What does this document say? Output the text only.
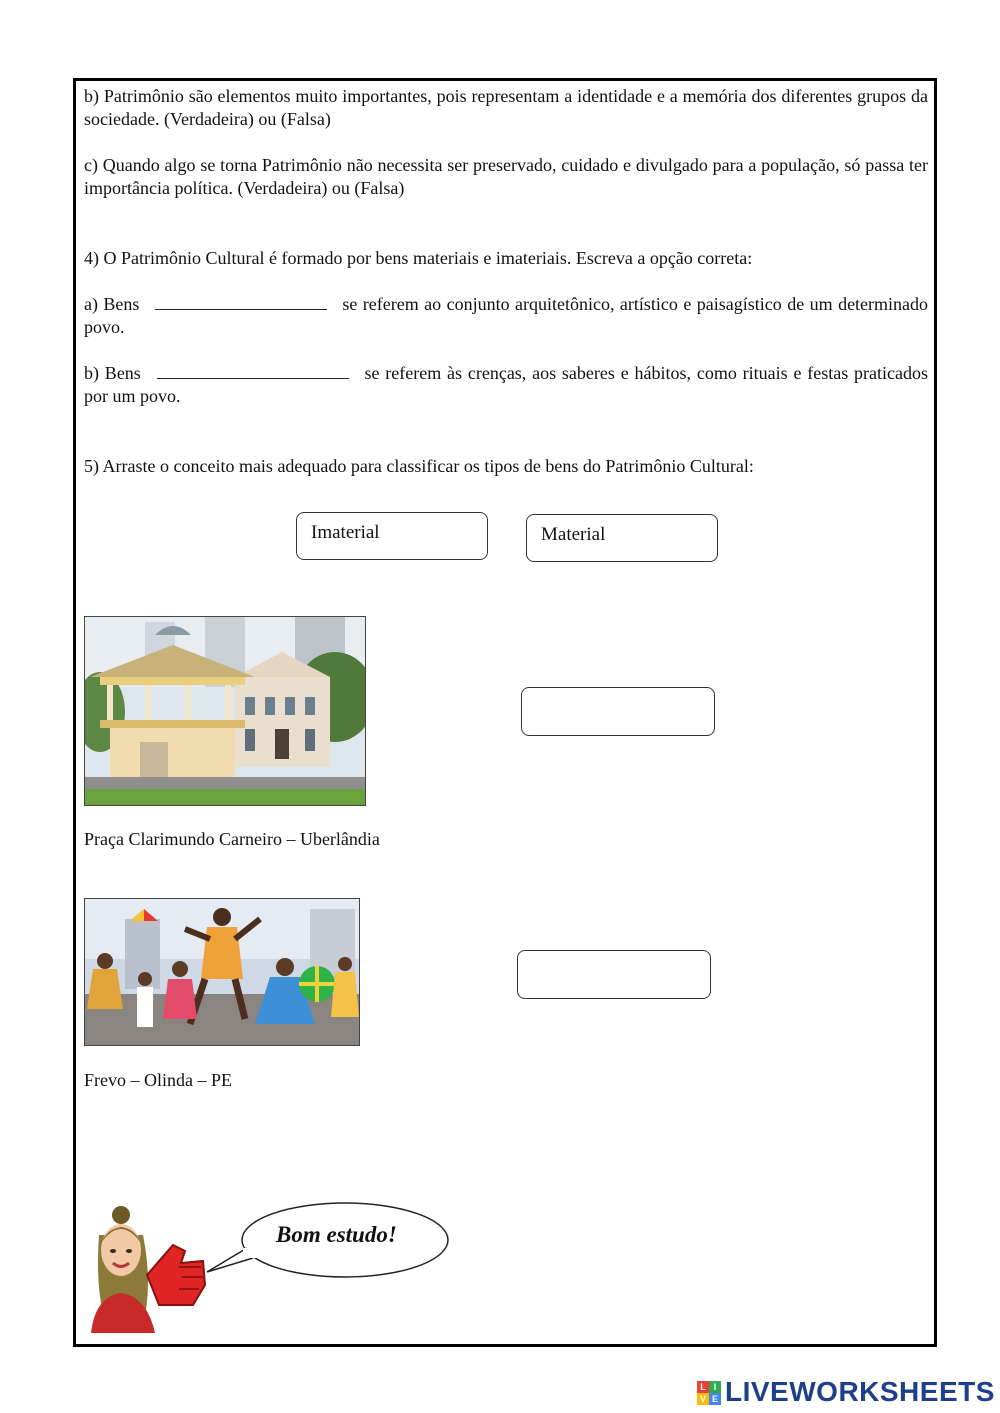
b) Patrimônio são elementos muito importantes, pois representam a identidade e a memória dos diferentes grupos da sociedade. (Verdadeira) ou (Falsa)
c) Quando algo se torna Patrimônio não necessita ser preservado, cuidado e divulgado para a população, só passa ter importância política. (Verdadeira) ou (Falsa)
4) O Patrimônio Cultural é formado por bens materiais e imateriais. Escreva a opção correta:
a) Bens	se referem ao conjunto arquitetônico, artístico e paisagístico de um determinado povo.
b) Bens	se referem às crenças, aos saberes e hábitos, como rituais e festas praticados por um povo.
5) Arraste o conceito mais adequado para classificar os tipos de bens do Patrimônio Cultural:
Imaterial	Material
Praça Clarimundo Carneiro – Uberlândia
Frevo – Olinda – PE
Bom estudo!
L I
V E LIVEWORKSHEETS
